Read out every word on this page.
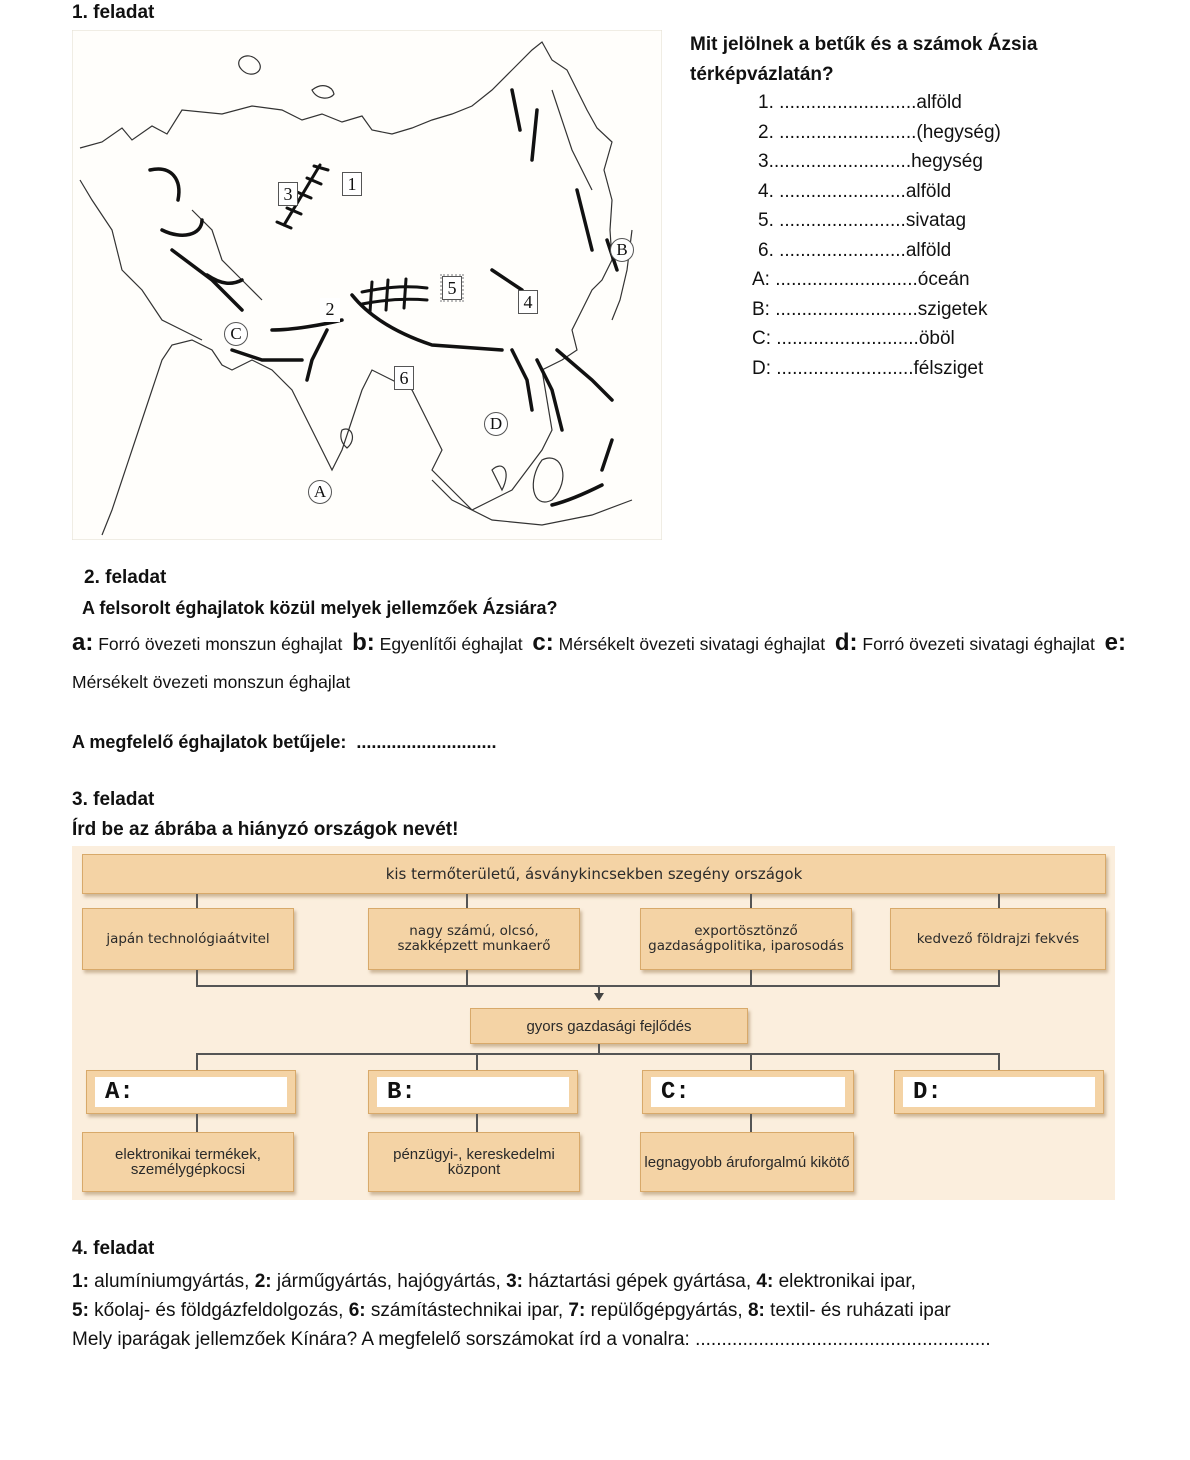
1. feladat
3	1
2
5
4
6
A
B
C
D
Mit jelölnek a betűk és a számok Ázsia térképvázlatán?
1. ..........................alföld
2. ..........................(hegység)
3...........................hegység
4. ........................alföld
5. ........................sivatag
6. ........................alföld
A: ...........................óceán
B: ...........................szigetek
C: ...........................öböl
D: ..........................félsziget
2. feladat
A felsorolt éghajlatok közül melyek jellemzőek Ázsiára?
a: Forró övezeti monszun éghajlat b: Egyenlítői éghajlat c: Mérsékelt övezeti sivatagi éghajlat d: Forró övezeti sivatagi éghajlat e: Mérsékelt övezeti monszun éghajlat
A megfelelő éghajlatok betűjele: ............................
3. feladat
Írd be az ábrába a hiányzó országok nevét!
kis termőterületű, ásványkincsekben szegény országok
japán technológiaátvitel	nagy számú, olcsó, szakképzett munkaerő
exportösztönző gazdaságpolitika, iparosodás	kedvező földrajzi fekvés
gyors gazdasági fejlődés
A:	B:	C:	D:
elektronikai termékek, személygépkocsi
pénzügyi-, kereskedelmi központ	legnagyobb áruforgalmú kikötő
4. feladat
1: alumíniumgyártás, 2: járműgyártás, hajógyártás, 3: háztartási gépek gyártása, 4: elektronikai ipar,
5: kőolaj- és földgázfeldolgozás, 6: számítástechnikai ipar, 7: repülőgépgyártás, 8: textil- és ruházati ipar
Mely iparágak jellemzőek Kínára? A megfelelő sorszámokat írd a vonalra: ........................................................
